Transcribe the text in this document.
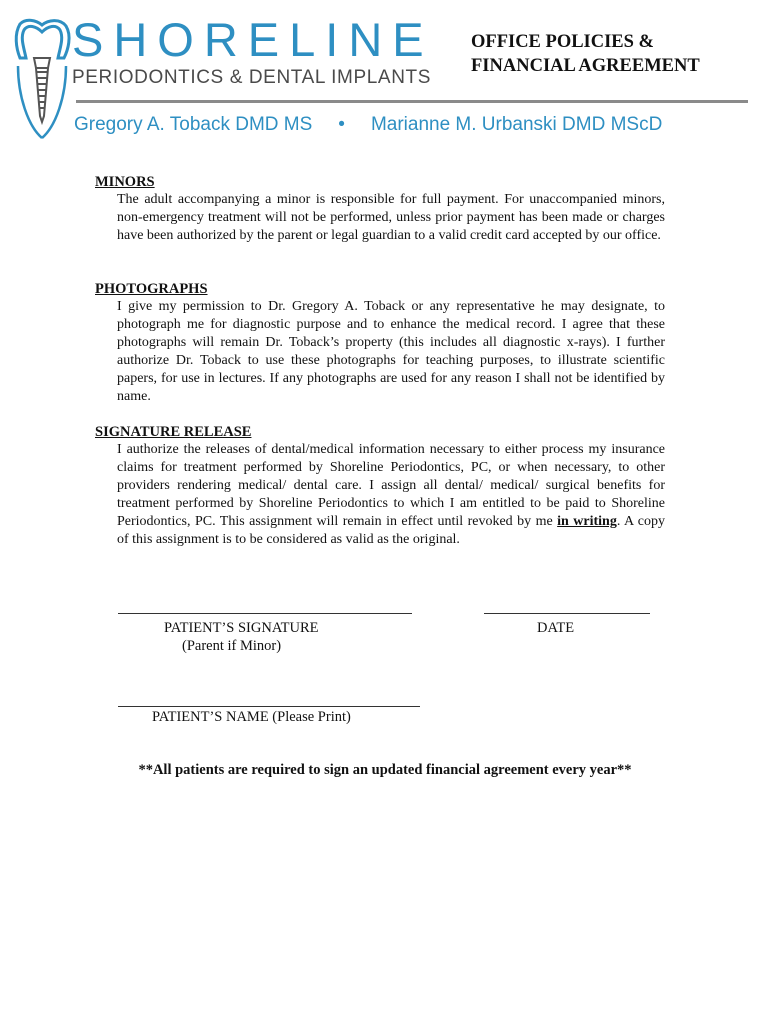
SHORELINE
PERIODONTICS & DENTAL IMPLANTS
OFFICE POLICIES &
FINANCIAL AGREEMENT
Gregory A. Toback DMD MS • Marianne M. Urbanski DMD MScD
MINORS
The adult accompanying a minor is responsible for full payment. For unaccompanied minors, non-emergency treatment will not be performed, unless prior payment has been made or charges have been authorized by the parent or legal guardian to a valid credit card accepted by our office.
PHOTOGRAPHS
I give my permission to Dr. Gregory A. Toback or any representative he may designate, to photograph me for diagnostic purpose and to enhance the medical record. I agree that these photographs will remain Dr. Toback’s property (this includes all diagnostic x-rays). I further authorize Dr. Toback to use these photographs for teaching purposes, to illustrate scientific papers, for use in lectures. If any photographs are used for any reason I shall not be identified by name.
SIGNATURE RELEASE
I authorize the releases of dental/medical information necessary to either process my insurance claims for treatment performed by Shoreline Periodontics, PC, or when necessary, to other providers rendering medical/ dental care. I assign all dental/ medical/ surgical benefits for treatment performed by Shoreline Periodontics to which I am entitled to be paid to Shoreline Periodontics, PC. This assignment will remain in effect until revoked by me in writing. A copy of this assignment is to be considered as valid as the original.
PATIENT’S SIGNATURE
(Parent if Minor)
DATE
PATIENT’S NAME (Please Print)
**All patients are required to sign an updated financial agreement every year**
